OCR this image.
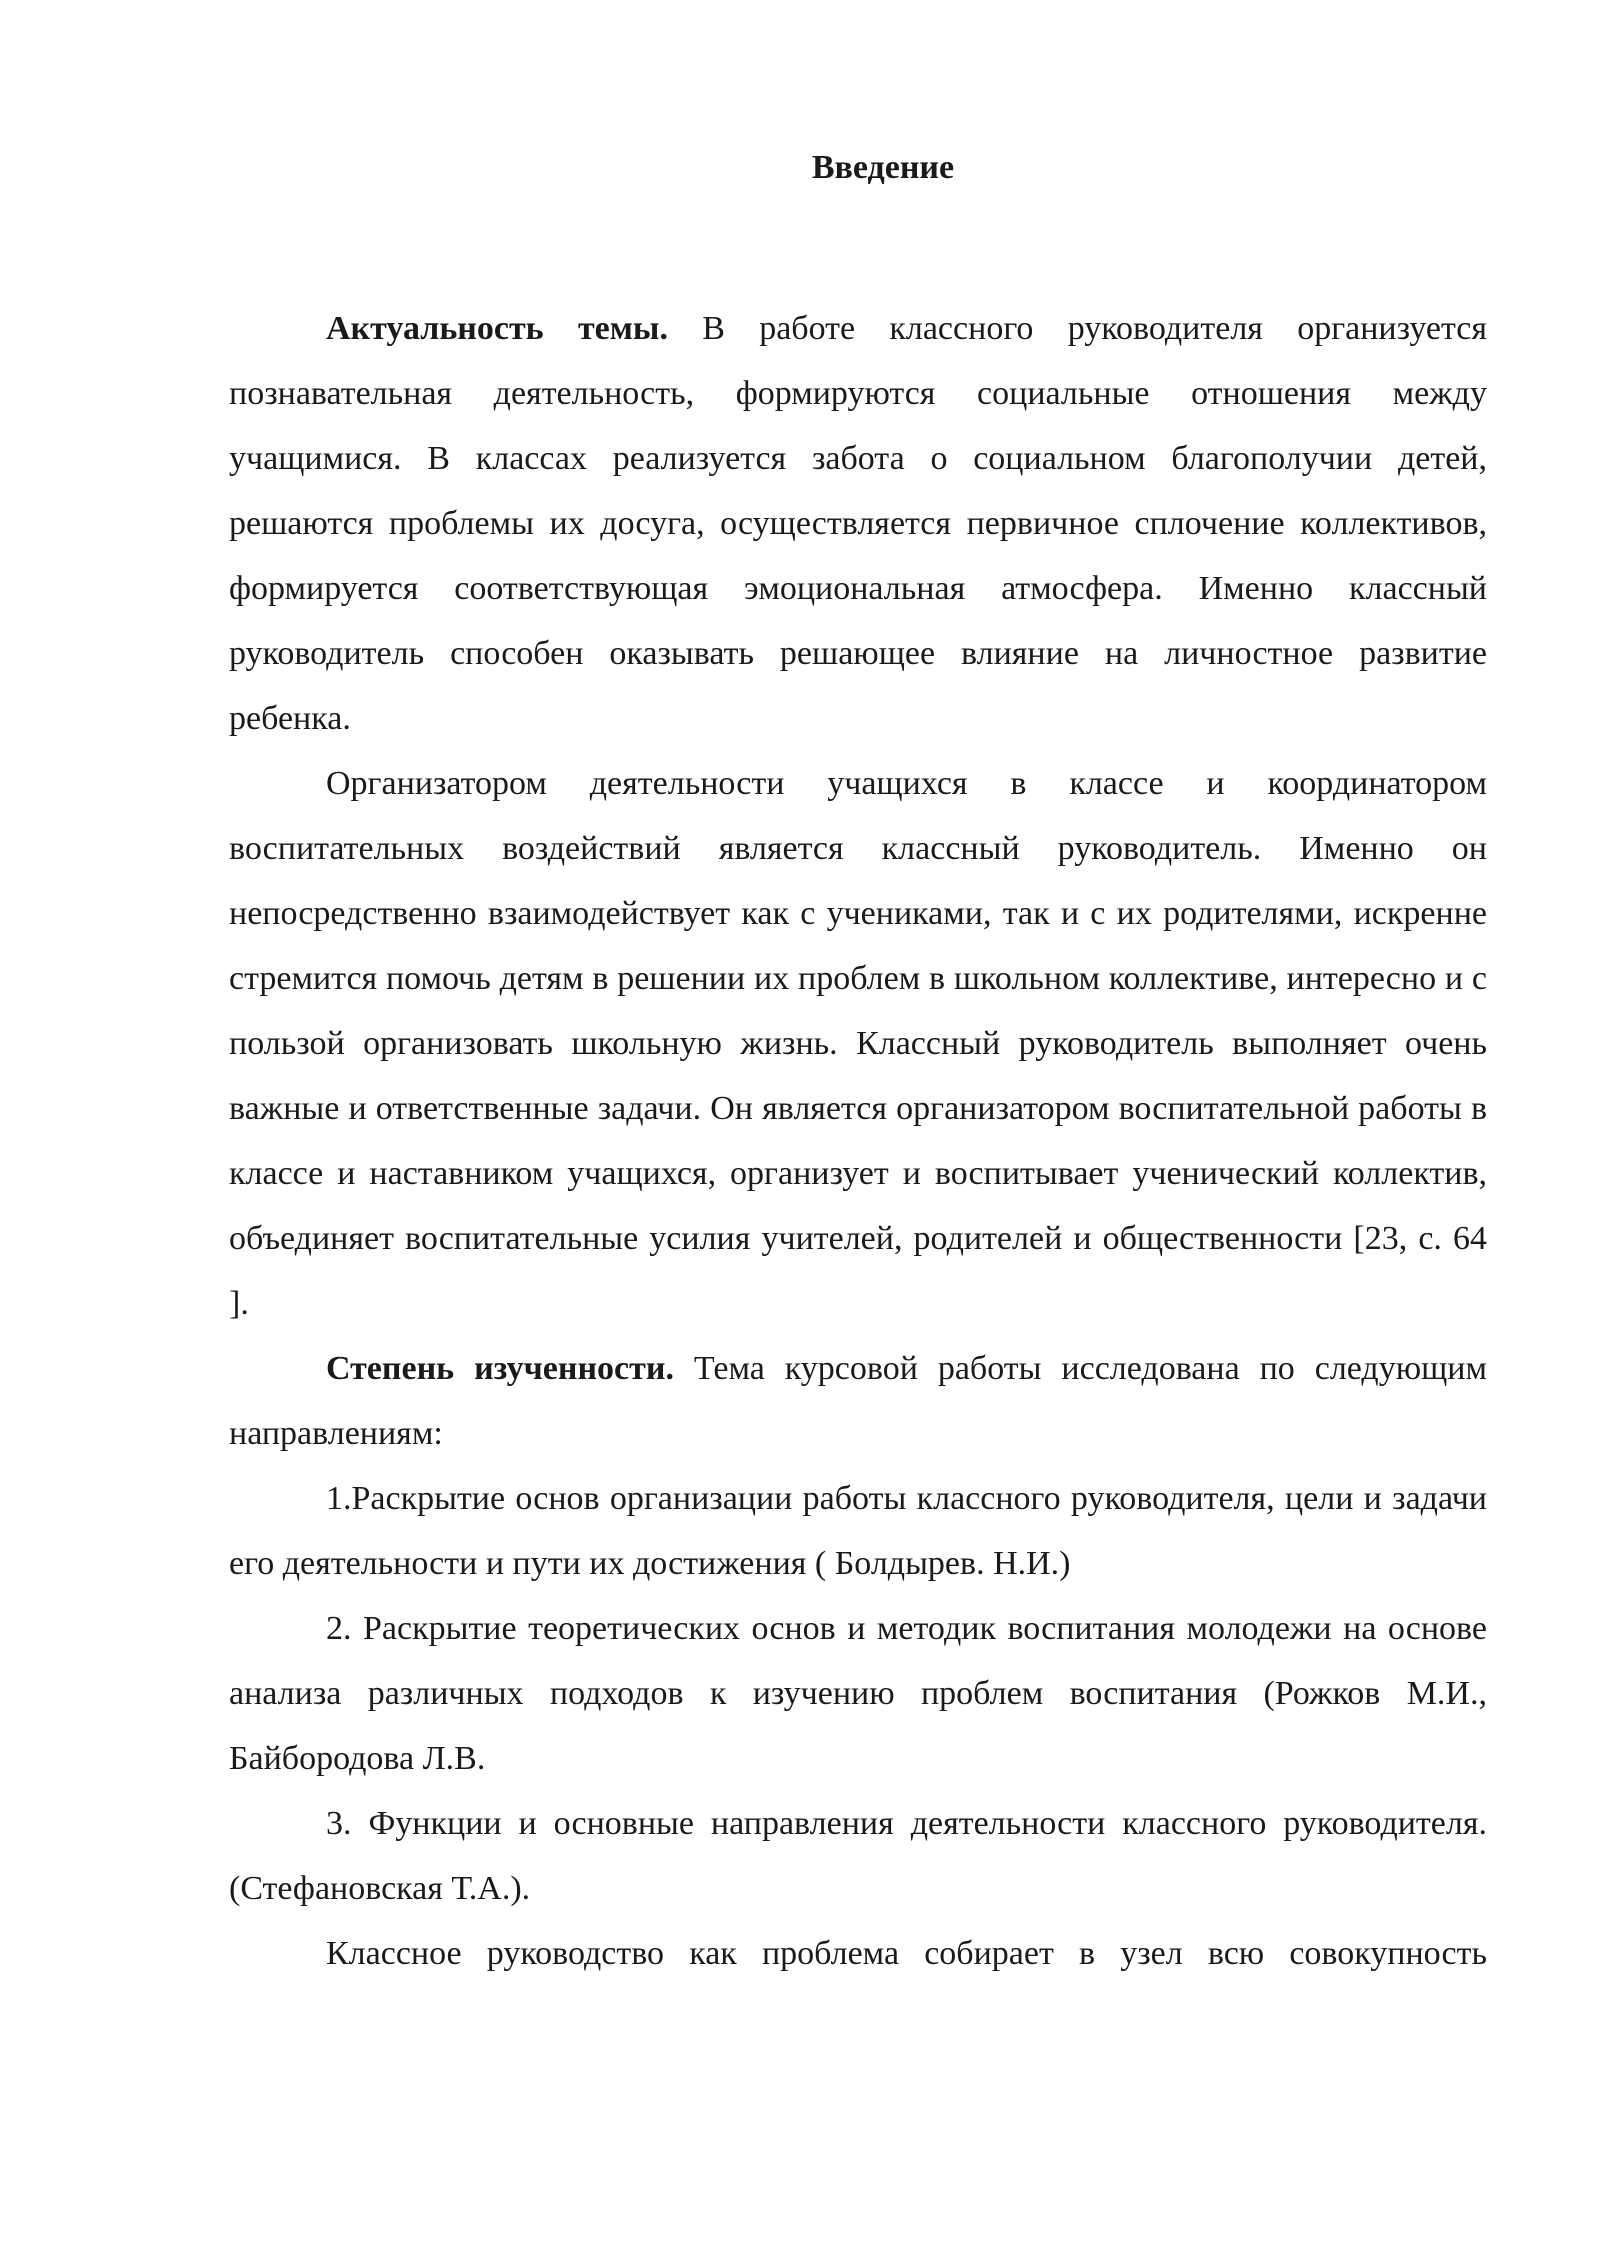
Введение

Актуальность темы. В работе классного руководителя организуется познавательная деятельность, формируются социальные отношения между учащимися. В классах реализуется забота о социальном благополучии детей, решаются проблемы их досуга, осуществляется первичное сплочение коллективов, формируется соответствующая эмоциональная атмосфера. Именно классный руководитель способен оказывать решающее влияние на личностное развитие ребенка.

Организатором деятельности учащихся в классе и координатором воспитательных воздействий является классный руководитель. Именно он непосредственно взаимодействует как с учениками, так и с их родителями, искренне стремится помочь детям в решении их проблем в школьном коллективе, интересно и с пользой организовать школьную жизнь. Классный руководитель выполняет очень важные и ответственные задачи. Он является организатором воспитательной работы в классе и наставником учащихся, организует и воспитывает ученический коллектив, объединяет воспитательные усилия учителей, родителей и общественности [23, с. 64 ].

Степень изученности. Тема курсовой работы исследована по следующим направлениям:

1.Раскрытие основ организации работы классного руководителя, цели и задачи его деятельности и пути их достижения ( Болдырев. Н.И.)

2. Раскрытие теоретических основ и методик воспитания молодежи на основе анализа различных подходов к изучению проблем воспитания (Рожков М.И., Байбородова Л.В.

3. Функции и основные направления деятельности классного руководителя.(Стефановская Т.А.).

Классное руководство как проблема собирает в узел всю совокупность
